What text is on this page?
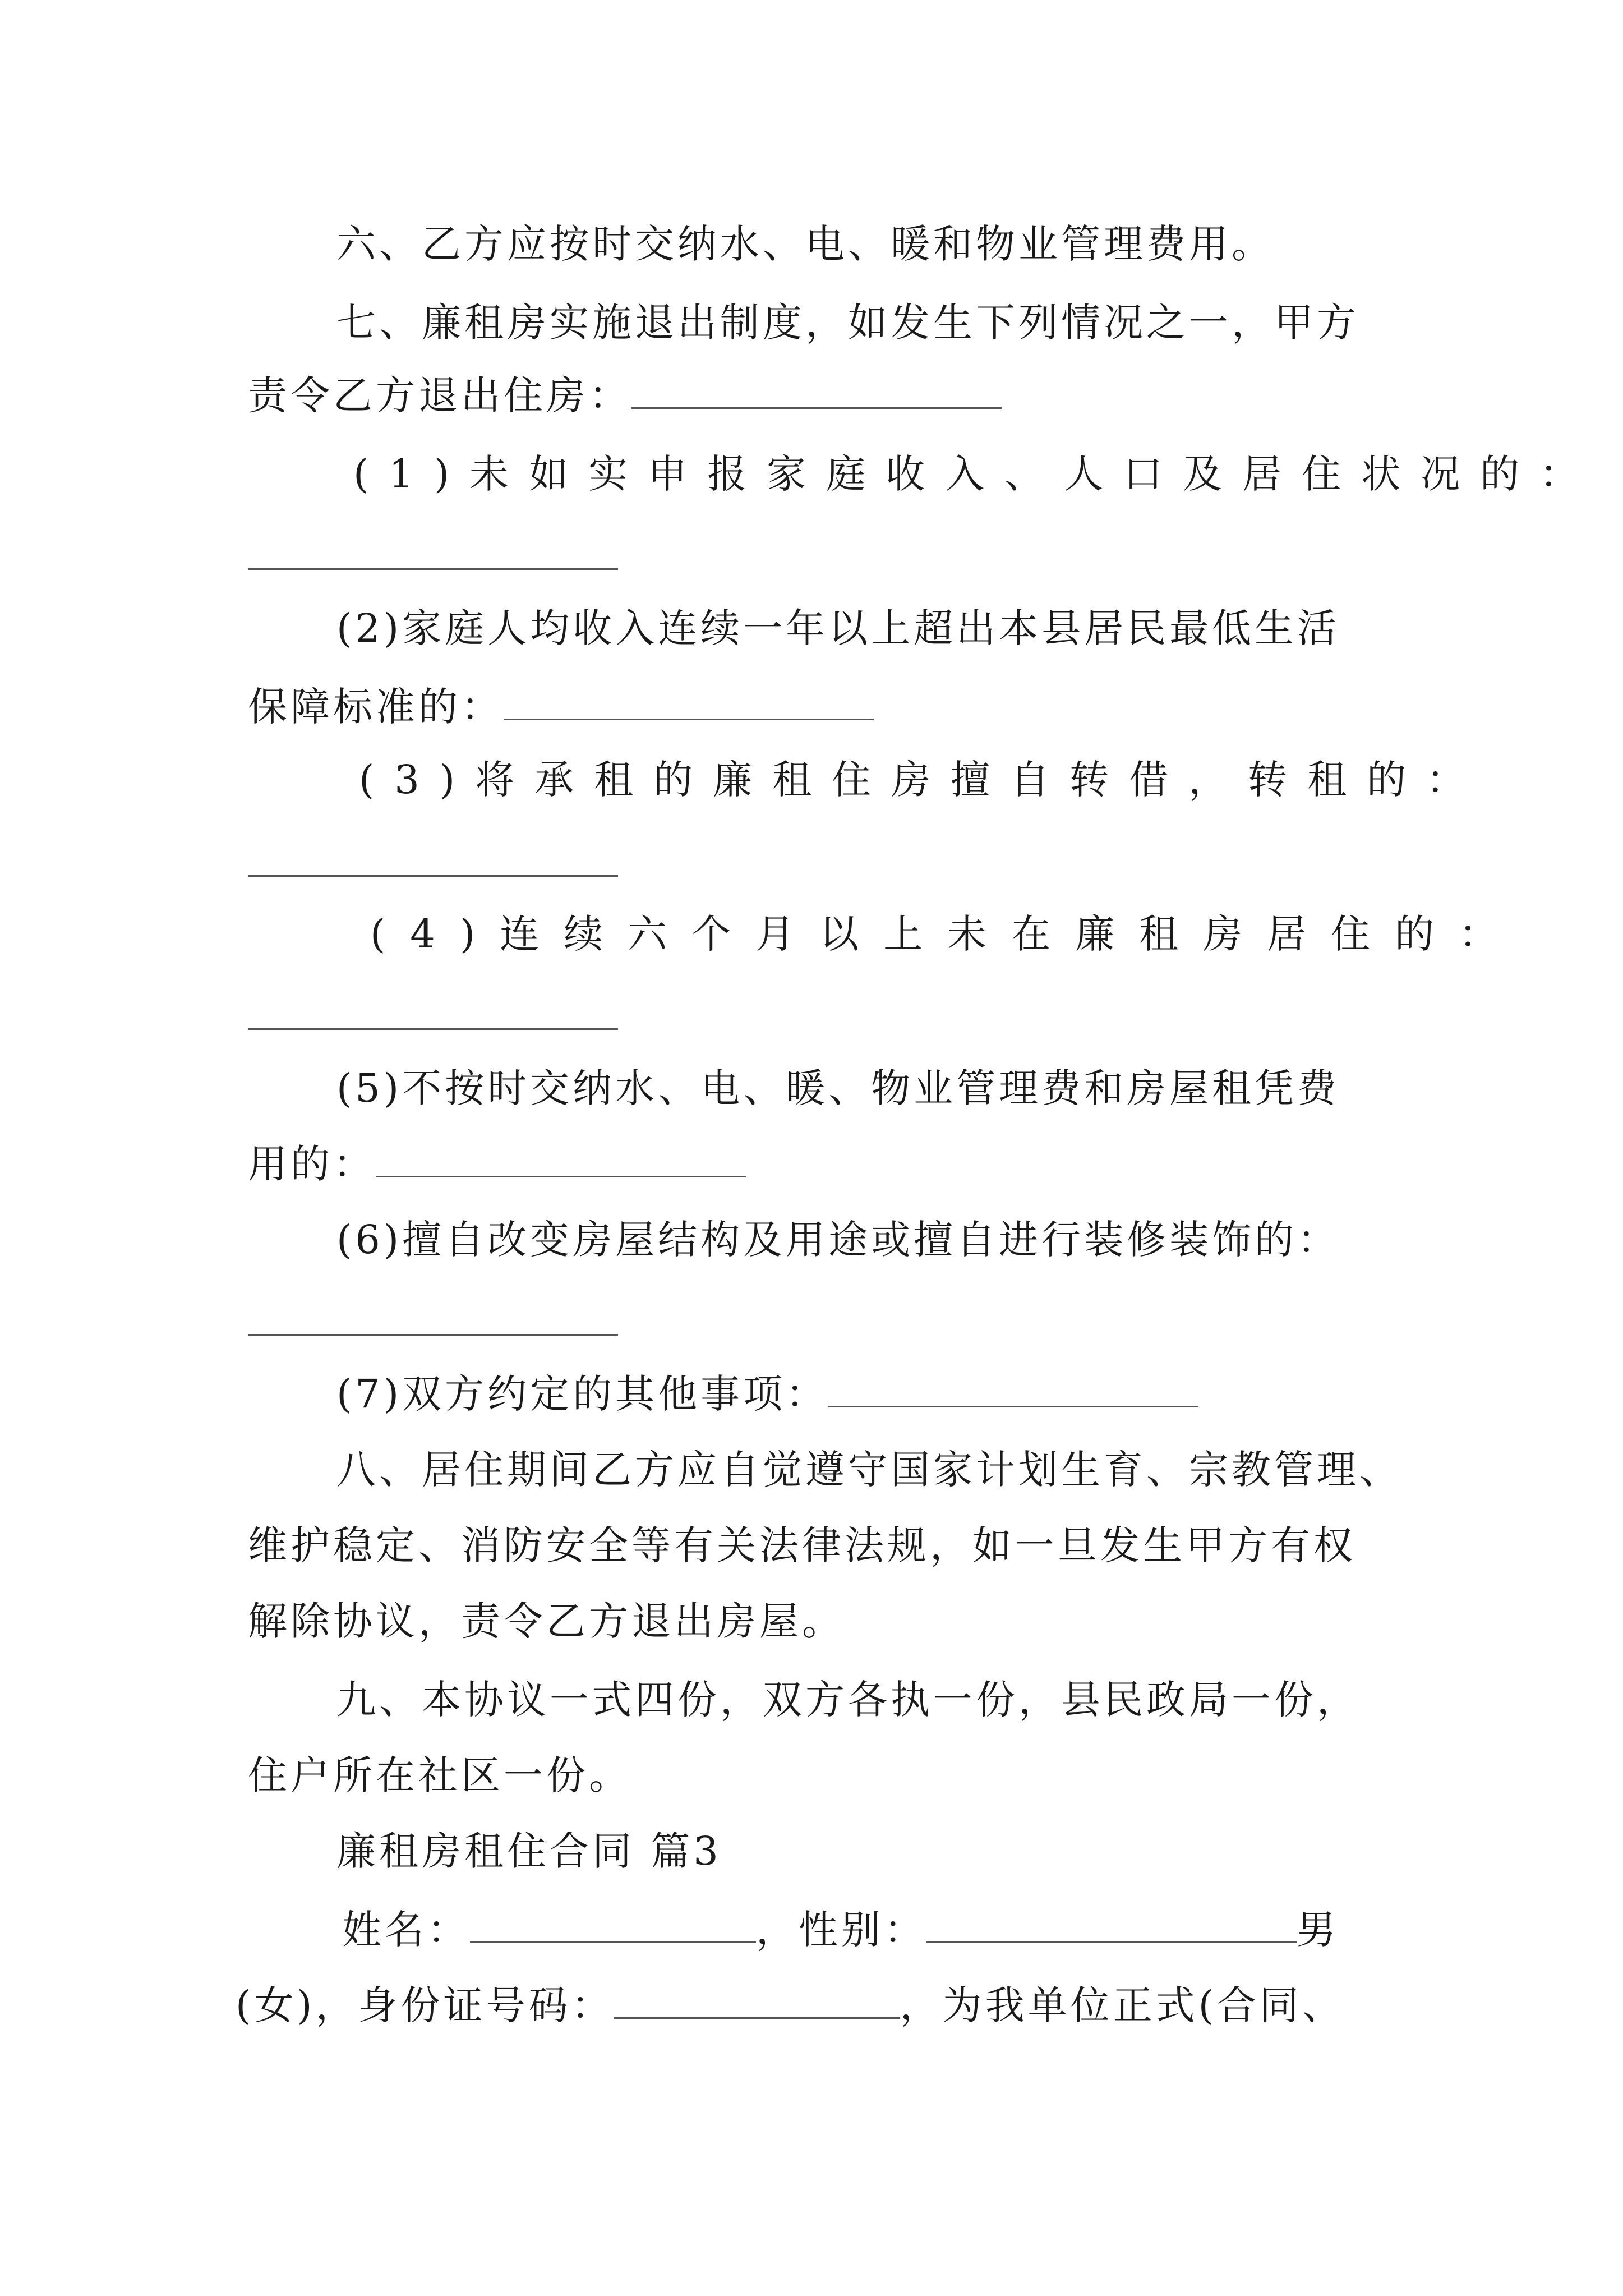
六、乙方应按时交纳水、电、暖和物业管理费用。
七、廉租房实施退出制度，如发生下列情况之一，甲方
责令乙方退出住房：
(1)未如实申报家庭收入、人口及居住状况的：
(2)家庭人均收入连续一年以上超出本县居民最低生活
保障标准的：
(3)将承租的廉租住房擅自转借，转租的：
(4)连续六个月以上未在廉租房居住的：
(5)不按时交纳水、电、暖、物业管理费和房屋租凭费
用的：
(6)擅自改变房屋结构及用途或擅自进行装修装饰的：
(7)双方约定的其他事项：
八、居住期间乙方应自觉遵守国家计划生育、宗教管理、
维护稳定、消防安全等有关法律法规，如一旦发生甲方有权
解除协议，责令乙方退出房屋。
九、本协议一式四份，双方各执一份，县民政局一份，
住户所在社区一份。
廉租房租住合同 篇3
姓名：	，性别：	男
(女)，身份证号码：	，为我单位正式(合同、
